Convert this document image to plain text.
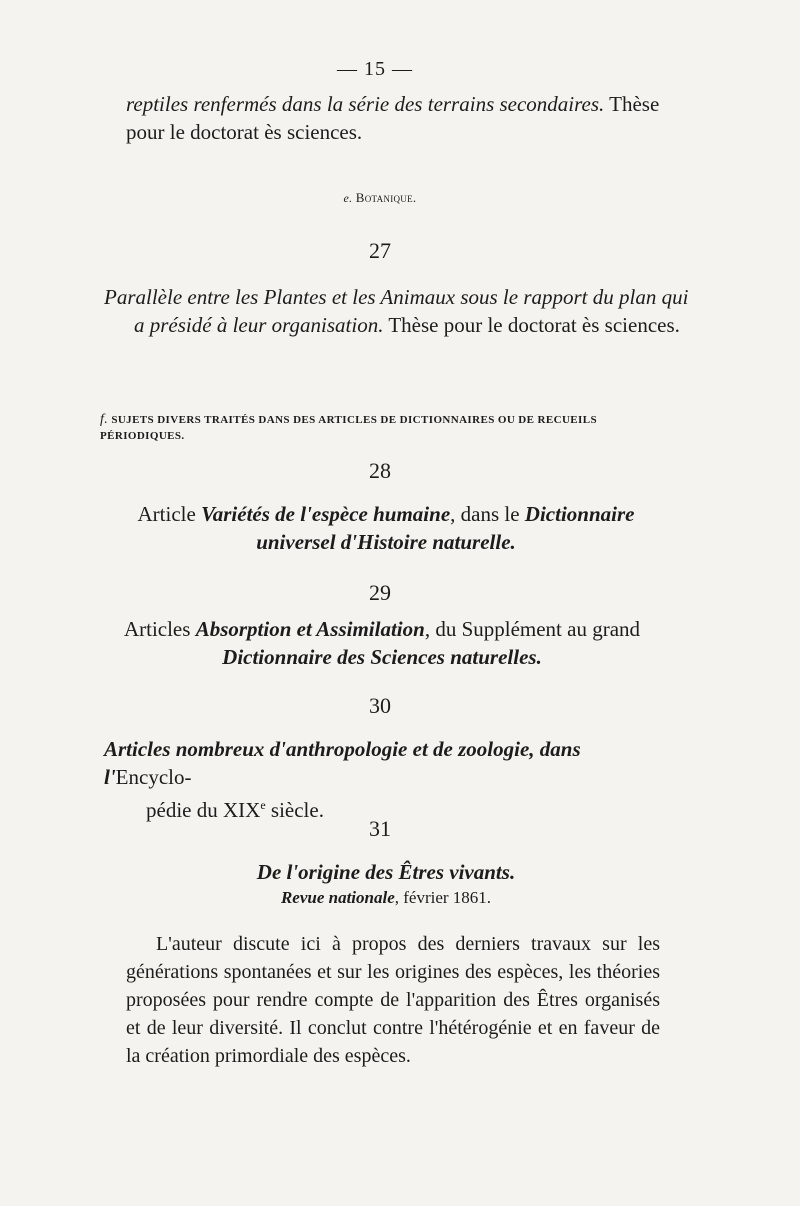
— 15 —
reptiles renfermés dans la série des terrains secondaires. Thèse
pour le doctorat ès sciences.
e. Botanique.
27
Parallèle entre les Plantes et les Animaux sous le rapport du plan qui a présidé à leur organisation. Thèse pour le doctorat ès sciences.
f. SUJETS DIVERS TRAITÉS DANS DES ARTICLES DE DICTIONNAIRES OU DE RECUEILS PÉRIODIQUES.
28
Article Variétés de l'espèce humaine, dans le Dictionnaire universel d'Histoire naturelle.
29
Articles Absorption et Assimilation, du Supplément au grand Dictionnaire des Sciences naturelles.
30
Articles nombreux d'anthropologie et de zoologie, dans l'Encyclo-
pédie du XIXe siècle.
31
De l'origine des Êtres vivants.
Revue nationale, février 1861.
L'auteur discute ici à propos des derniers travaux sur les générations spontanées et sur les origines des espèces, les théories proposées pour rendre compte de l'apparition des Êtres organisés et de leur diversité. Il conclut contre l'hétérogénie et en faveur de la création primordiale des espèces.
